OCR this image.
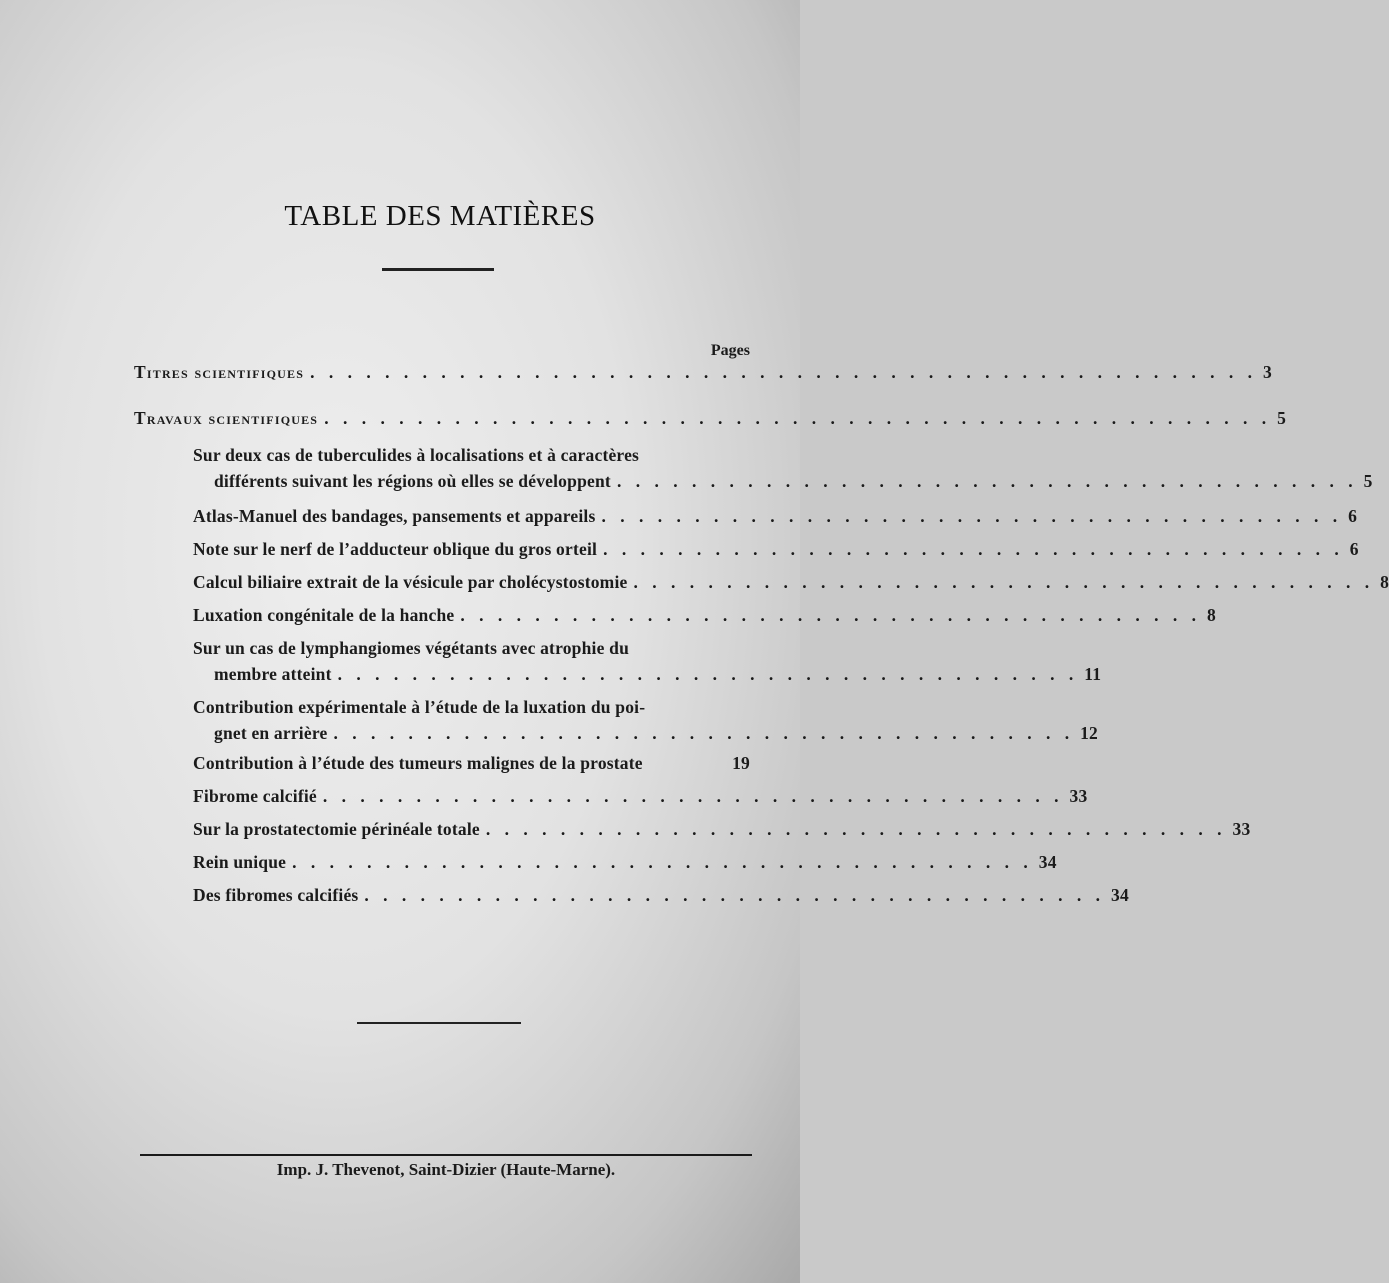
TABLE DES MATIÈRES
Pages
Titres scientifiques . . . . . . . . . . . . . . . . . . . . . . . . . . . . . . . . . . . . . . . . . . . . . . . . . . . 3
Travaux scientifiques . . . . . . . . . . . . . . . . . . . . . . . . . . . . . . . . . . . . . . . . . . . . . . . . . . . 5
Sur deux cas de tuberculides à localisations et à caractères
différents suivant les régions où elles se développent . . . . . . . . . . . . . . . . . . . . . . . . . . . . . . . . . . . . . . . . 5
Atlas-Manuel des bandages, pansements et appareils . . . . . . . . . . . . . . . . . . . . . . . . . . . . . . . . . . . . . . . . 6
Note sur le nerf de l’adducteur oblique du gros orteil . . . . . . . . . . . . . . . . . . . . . . . . . . . . . . . . . . . . . . . . 6
Calcul biliaire extrait de la vésicule par cholécystostomie . . . . . . . . . . . . . . . . . . . . . . . . . . . . . . . . . . . . . . . . 8
Luxation congénitale de la hanche . . . . . . . . . . . . . . . . . . . . . . . . . . . . . . . . . . . . . . . . 8
Sur un cas de lymphangiomes végétants avec atrophie du
membre atteint . . . . . . . . . . . . . . . . . . . . . . . . . . . . . . . . . . . . . . . . 11
Contribution expérimentale à l’étude de la luxation du poi-
gnet en arrière . . . . . . . . . . . . . . . . . . . . . . . . . . . . . . . . . . . . . . . . 12
Contribution à l’étude des tumeurs malignes de la prostate	19
Fibrome calcifié . . . . . . . . . . . . . . . . . . . . . . . . . . . . . . . . . . . . . . . . 33
Sur la prostatectomie périnéale totale . . . . . . . . . . . . . . . . . . . . . . . . . . . . . . . . . . . . . . . . 33
Rein unique . . . . . . . . . . . . . . . . . . . . . . . . . . . . . . . . . . . . . . . . 34
Des fibromes calcifiés . . . . . . . . . . . . . . . . . . . . . . . . . . . . . . . . . . . . . . . . 34
Imp. J. Thevenot, Saint-Dizier (Haute-Marne).
